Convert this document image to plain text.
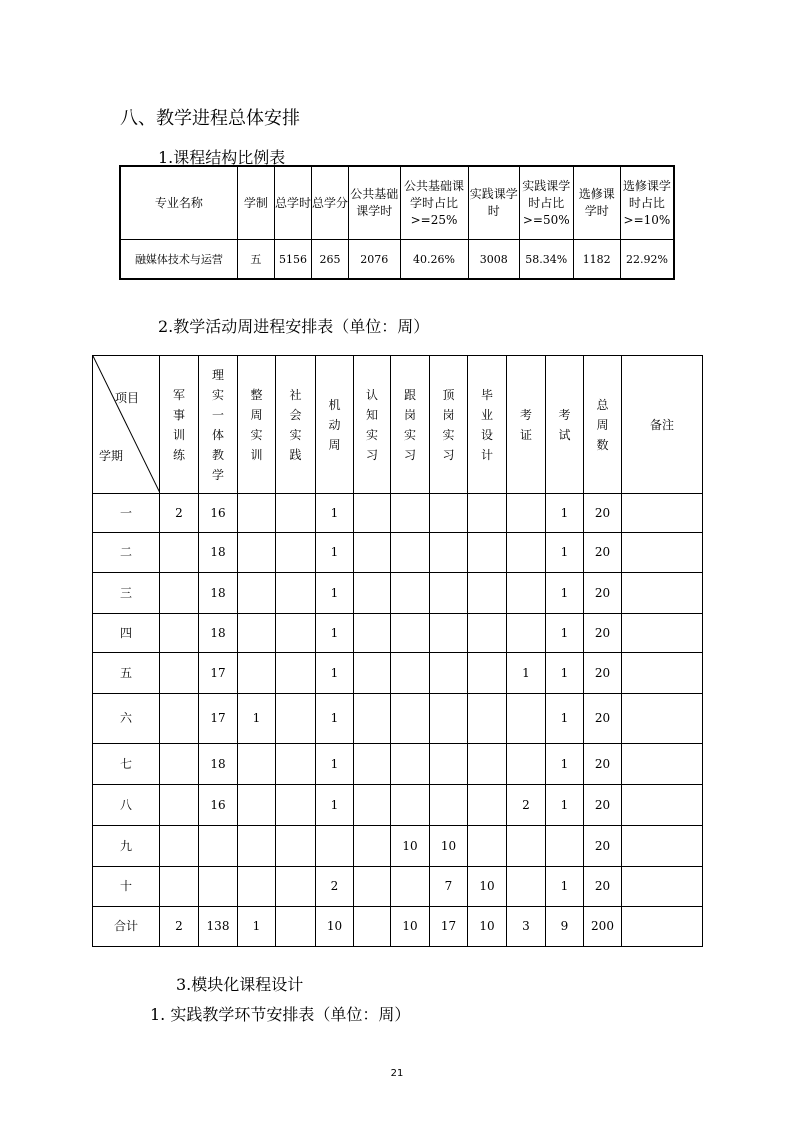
八、教学进程总体安排
1.课程结构比例表
专业名称	学制	总学时	总学分	公共基础课学时	公共基础课学时占比>=25%	实践课学时	实践课学时占比>=50%	选修课学时	选修课学时占比>=10%
融媒体技术与运营	五	5156	265	2076	40.26%	3008	58.34%	1182	22.92%
2.教学活动周进程安排表（单位：周）
项目
学期	军事训练	理实一体教学	整周实训	社会实践	机动周	认知实习	跟岗实习	顶岗实习	毕业设计	考证	考试	总周数	备注
一	2	16			1						1	20	
二		18			1						1	20	
三		18			1						1	20	
四		18			1						1	20	
五		17			1					1	1	20	
六		17	1		1						1	20	
七		18			1						1	20	
八		16			1					2	1	20	
九							10	10				20	
十					2			7	10		1	20	
合计	2	138	1		10		10	17	10	3	9	200	
3.模块化课程设计
1. 实践教学环节安排表（单位：周）
21
